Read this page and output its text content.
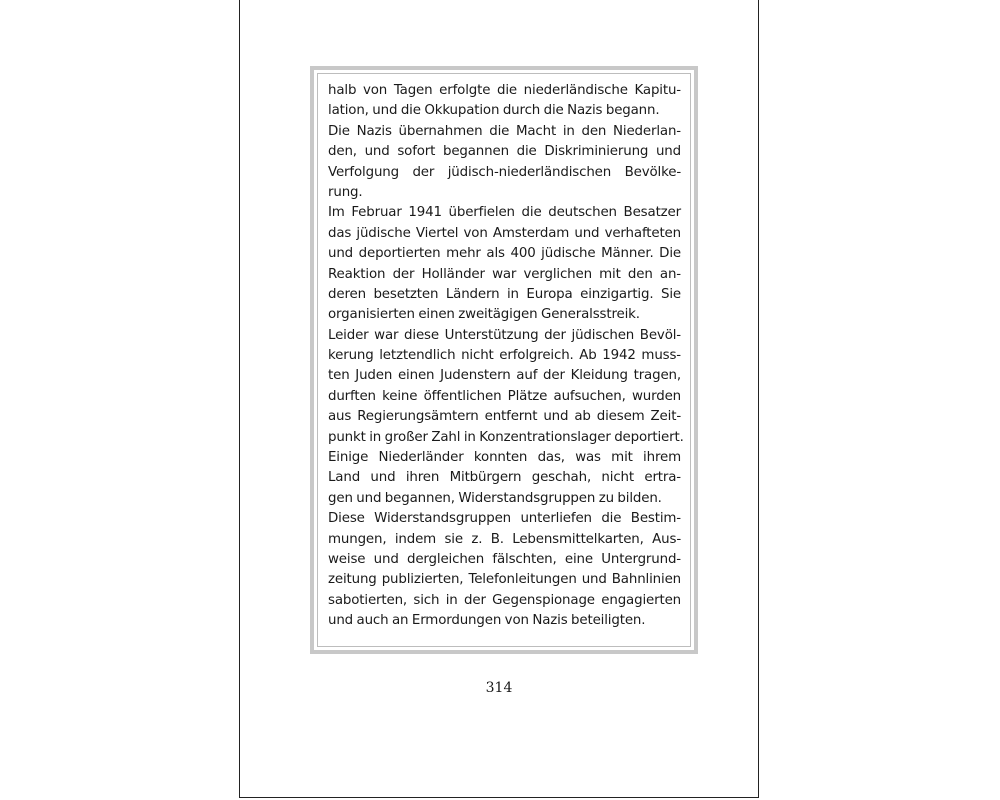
halb von Tagen erfolgte die niederländische Kapitu-
lation, und die Okkupation durch die Nazis begann.
Die Nazis übernahmen die Macht in den Niederlan-
den, und sofort begannen die Diskriminierung und
Verfolgung der jüdisch-niederländischen Bevölke-
rung.
Im Februar 1941 überfielen die deutschen Besatzer
das jüdische Viertel von Amsterdam und verhafteten
und deportierten mehr als 400 jüdische Männer. Die
Reaktion der Holländer war verglichen mit den an-
deren besetzten Ländern in Europa einzigartig. Sie
organisierten einen zweitägigen Generalsstreik.
Leider war diese Unterstützung der jüdischen Bevöl-
kerung letztendlich nicht erfolgreich. Ab 1942 muss-
ten Juden einen Judenstern auf der Kleidung tragen,
durften keine öffentlichen Plätze aufsuchen, wurden
aus Regierungsämtern entfernt und ab diesem Zeit-
punkt in großer Zahl in Konzentrationslager deportiert.
Einige Niederländer konnten das, was mit ihrem
Land und ihren Mitbürgern geschah, nicht ertra-
gen und begannen, Widerstandsgruppen zu bilden.
Diese Widerstandsgruppen unterliefen die Bestim-
mungen, indem sie z. B. Lebensmittelkarten, Aus-
weise und dergleichen fälschten, eine Untergrund-
zeitung publizierten, Telefonleitungen und Bahnlinien
sabotierten, sich in der Gegenspionage engagierten
und auch an Ermordungen von Nazis beteiligten.
314
